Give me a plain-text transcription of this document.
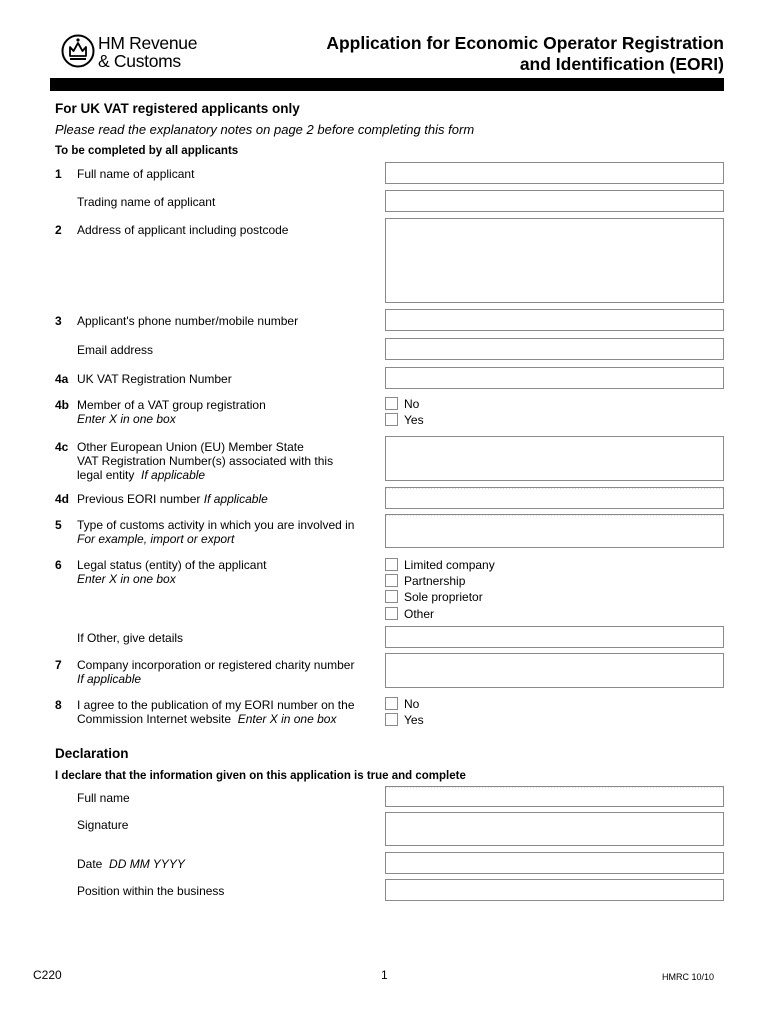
HM Revenue
& Customs
Application for Economic Operator Registration
and Identification (EORI)
For UK VAT registered applicants only
Please read the explanatory notes on page 2 before completing this form
To be completed by all applicants
1 Full name of applicant
Trading name of applicant
2 Address of applicant including postcode
3 Applicant's phone number/mobile number
Email address
4a UK VAT Registration Number
4b Member of a VAT group registration
Enter X in one box
No
Yes
4c Other European Union (EU) Member State
VAT Registration Number(s) associated with this
legal entity If applicable
4d Previous EORI number If applicable
5 Type of customs activity in which you are involved in
For example, import or export
6 Legal status (entity) of the applicant
Enter X in one box
Limited company
Partnership
Sole proprietor
Other
If Other, give details
7 Company incorporation or registered charity number
If applicable
8 I agree to the publication of my EORI number on the
Commission Internet website Enter X in one box
No
Yes
Declaration
I declare that the information given on this application is true and complete
Full name
Signature
Date DD MM YYYY
Position within the business
C220	1	HMRC 10/10
